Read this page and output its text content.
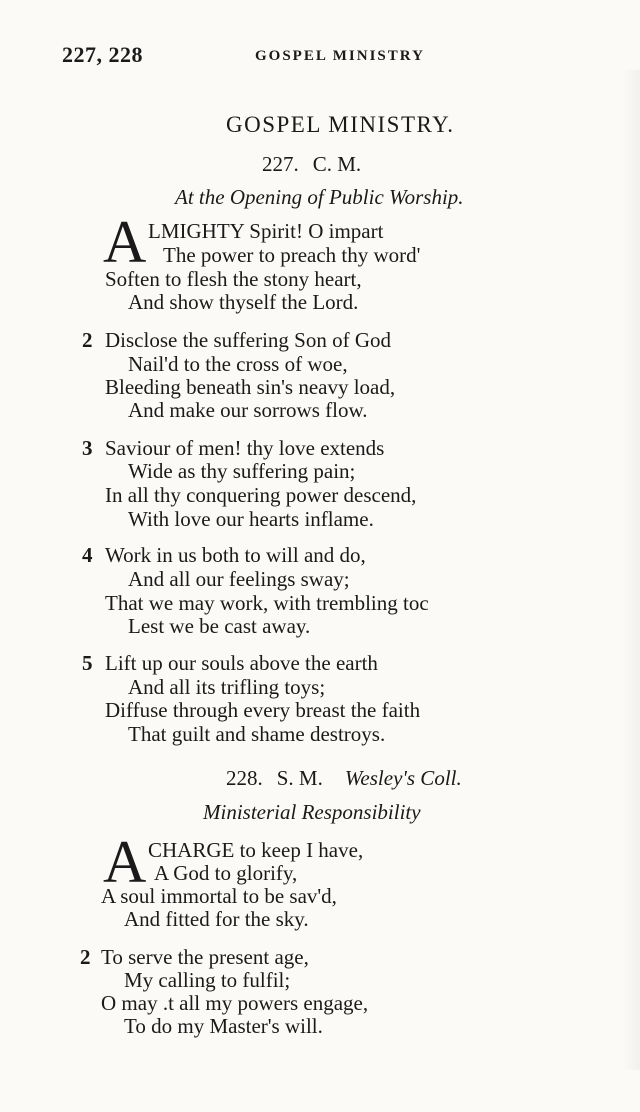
227, 228	GOSPEL MINISTRY
GOSPEL MINISTRY.
227. C. M.
At the Opening of Public Worship.
A LMIGHTY Spirit! O impart
The power to preach thy word'
Soften to flesh the stony heart,
And show thyself the Lord.
2 Disclose the suffering Son of God
Nail'd to the cross of woe,
Bleeding beneath sin's neavy load,
And make our sorrows flow.
3 Saviour of men! thy love extends
Wide as thy suffering pain;
In all thy conquering power descend,
With love our hearts inflame.
4 Work in us both to will and do,
And all our feelings sway;
That we may work, with trembling toc
Lest we be cast away.
5 Lift up our souls above the earth
And all its trifling toys;
Diffuse through every breast the faith
That guilt and shame destroys.
228. S. M. Wesley's Coll.
Ministerial Responsibility
A CHARGE to keep I have,
A God to glorify,
A soul immortal to be sav'd,
And fitted for the sky.
2 To serve the present age,
My calling to fulfil;
O may .t all my powers engage,
To do my Master's will.
